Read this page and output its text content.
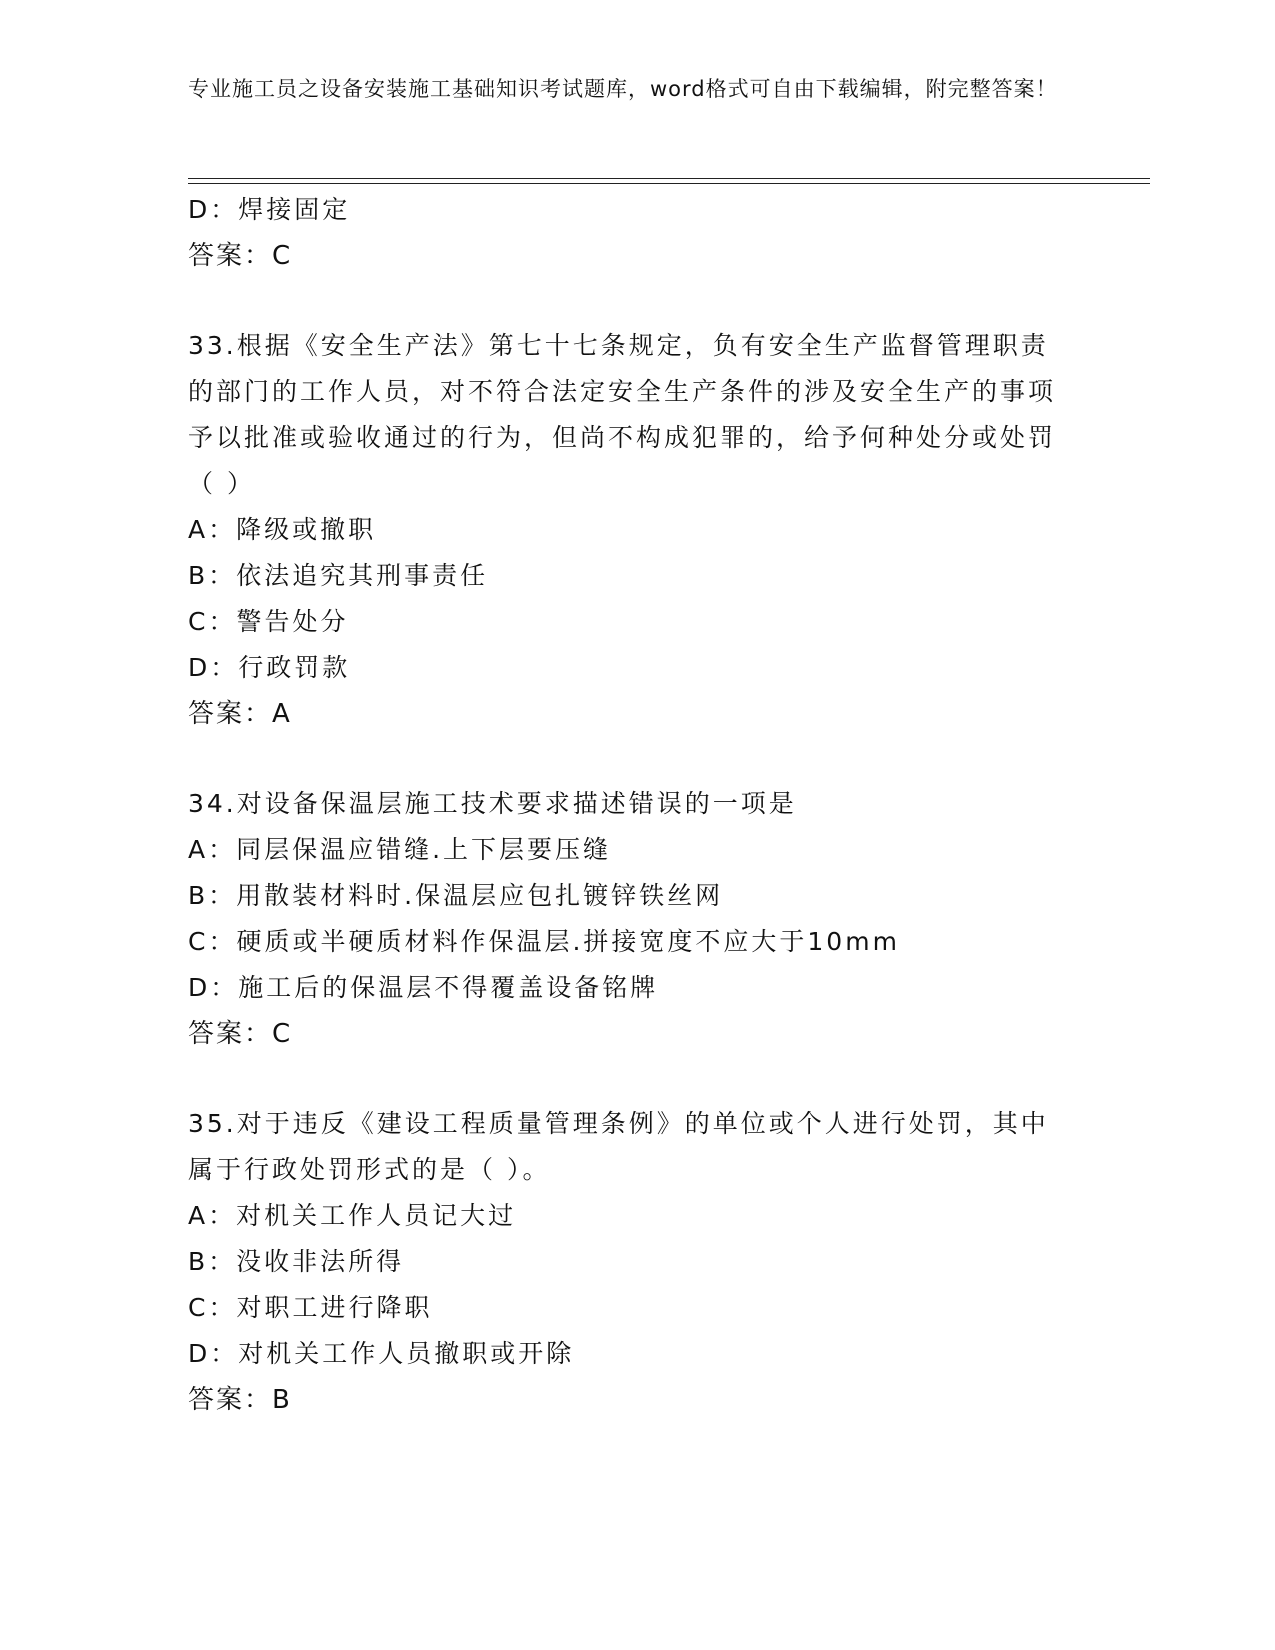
专业施工员之设备安装施工基础知识考试题库，word格式可自由下载编辑，附完整答案！
D：焊接固定
答案：C
33.根据《安全生产法》第七十七条规定，负有安全生产监督管理职责的部门的工作人员，对不符合法定安全生产条件的涉及安全生产的事项予以批准或验收通过的行为，但尚不构成犯罪的，给予何种处分或处罚（ ）
A：降级或撤职
B：依法追究其刑事责任
C：警告处分
D：行政罚款
答案：A
34.对设备保温层施工技术要求描述错误的一项是
A：同层保温应错缝.上下层要压缝
B：用散装材料时.保温层应包扎镀锌铁丝网
C：硬质或半硬质材料作保温层.拼接宽度不应大于10mm
D：施工后的保温层不得覆盖设备铭牌
答案：C
35.对于违反《建设工程质量管理条例》的单位或个人进行处罚，其中属于行政处罚形式的是（ ）。
A：对机关工作人员记大过
B：没收非法所得
C：对职工进行降职
D：对机关工作人员撤职或开除
答案：B
